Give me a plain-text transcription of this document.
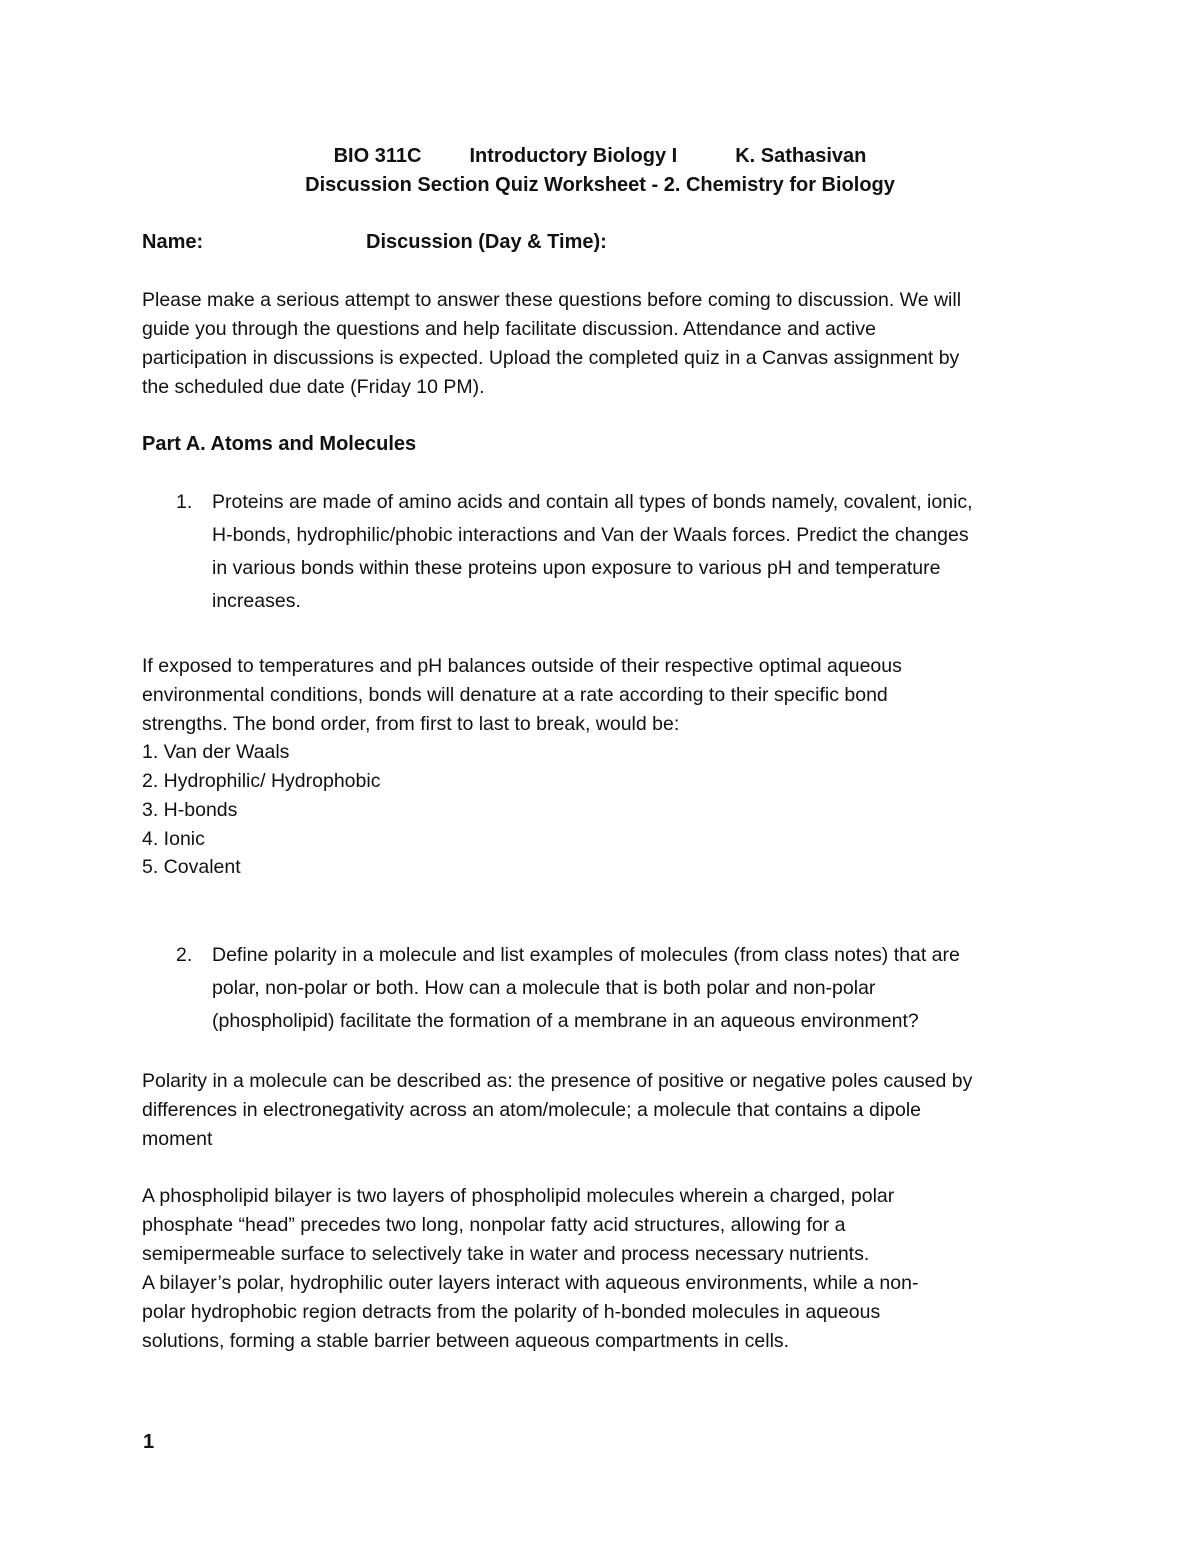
BIO 311C Introductory Biology I	K. Sathasivan

Discussion Section Quiz Worksheet - 2. Chemistry for Biology

Name:	Discussion (Day & Time):

Please make a serious attempt to answer these questions before coming to discussion. We will

guide you through the questions and help facilitate discussion. Attendance and active

participation in discussions is expected. Upload the completed quiz in a Canvas assignment by

the scheduled due date (Friday 10 PM).

Part A. Atoms and Molecules

1. Proteins are made of amino acids and contain all types of bonds namely, covalent, ionic,

H-bonds, hydrophilic/phobic interactions and Van der Waals forces. Predict the changes

in various bonds within these proteins upon exposure to various pH and temperature

increases.

If exposed to temperatures and pH balances outside of their respective optimal aqueous

environmental conditions, bonds will denature at a rate according to their specific bond

strengths. The bond order, from first to last to break, would be:

1. Van der Waals

2. Hydrophilic/ Hydrophobic

3. H-bonds

4. Ionic

5. Covalent

2. Define polarity in a molecule and list examples of molecules (from class notes) that are

polar, non-polar or both. How can a molecule that is both polar and non-polar

(phospholipid) facilitate the formation of a membrane in an aqueous environment?

Polarity in a molecule can be described as: the presence of positive or negative poles caused by

differences in electronegativity across an atom/molecule; a molecule that contains a dipole

moment

A phospholipid bilayer is two layers of phospholipid molecules wherein a charged, polar

phosphate “head” precedes two long, nonpolar fatty acid structures, allowing for a

semipermeable surface to selectively take in water and process necessary nutrients.

A bilayer’s polar, hydrophilic outer layers interact with aqueous environments, while a non-

polar hydrophobic region detracts from the polarity of h-bonded molecules in aqueous

solutions, forming a stable barrier between aqueous compartments in cells.

1
